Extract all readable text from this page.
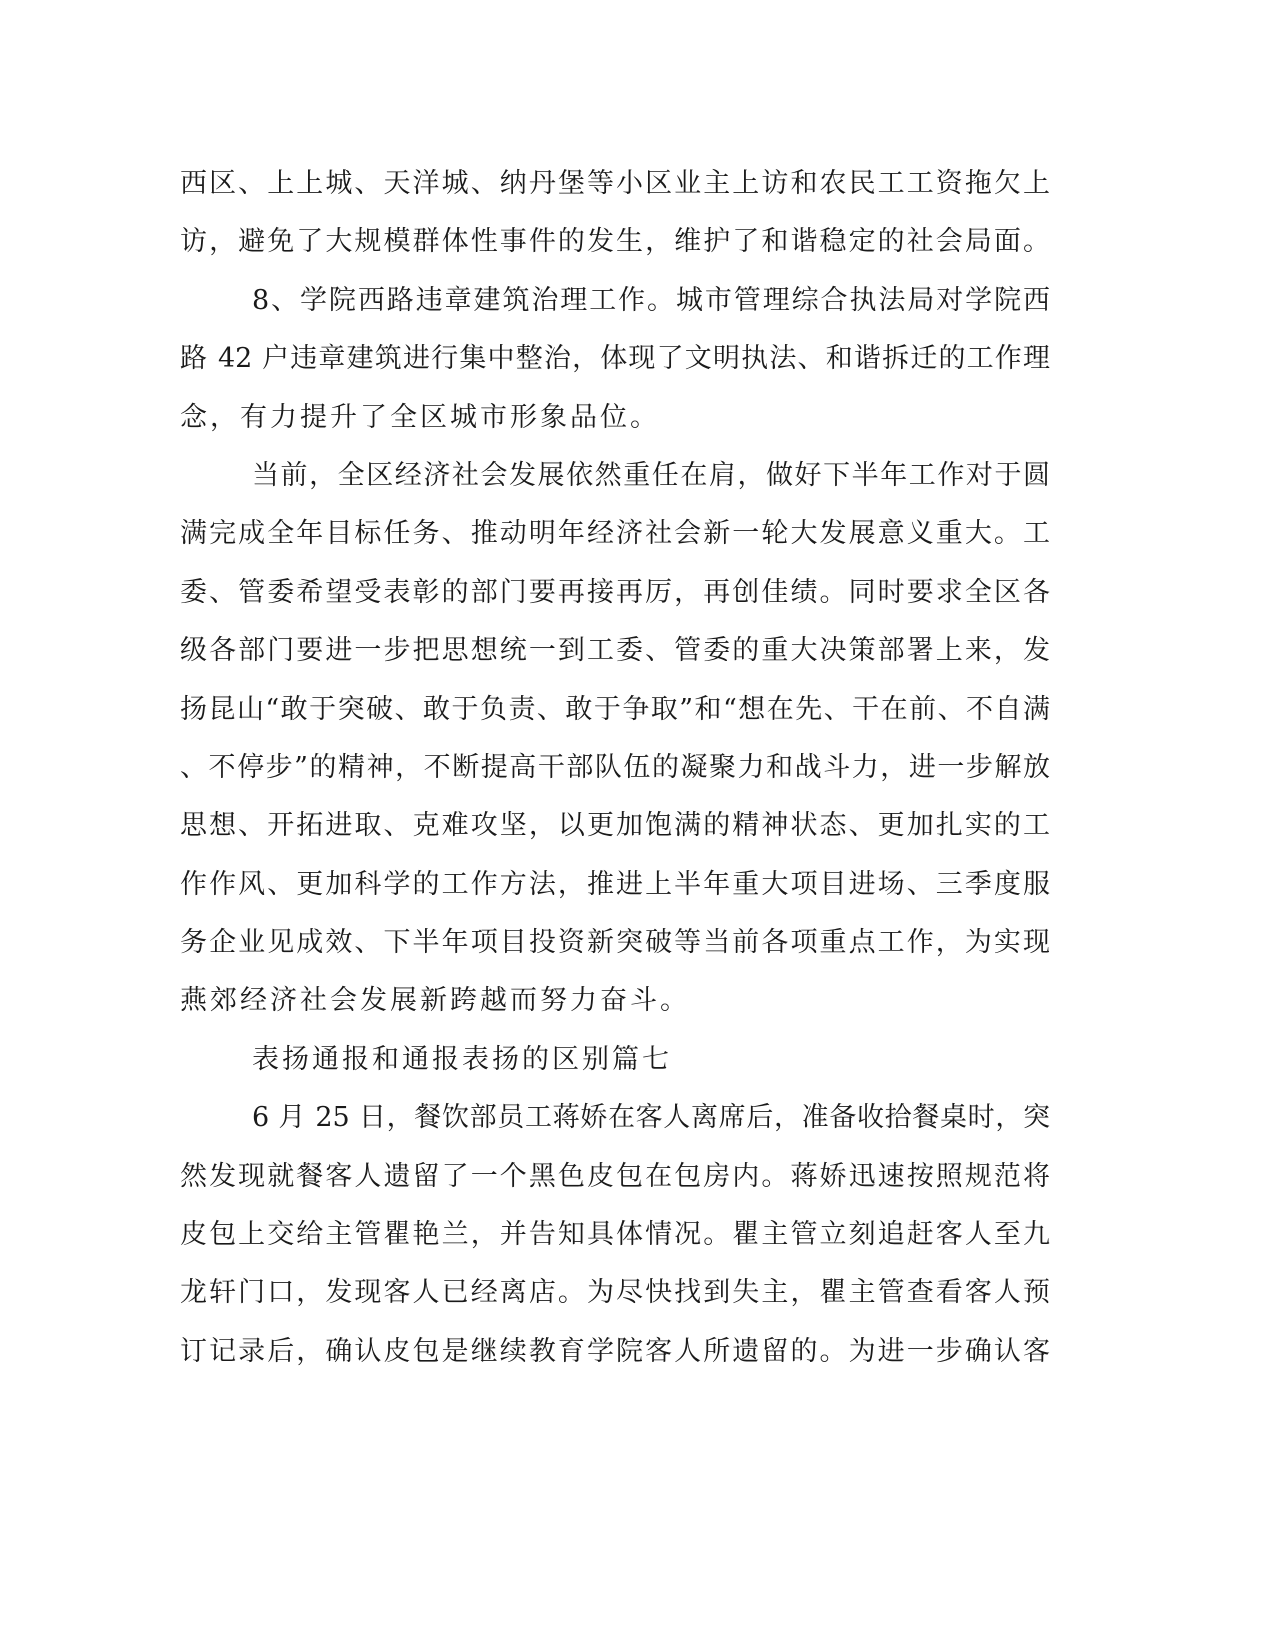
西区、上上城、天洋城、纳丹堡等小区业主上访和农民工工资拖欠上
访，避免了大规模群体性事件的发生，维护了和谐稳定的社会局面。
8、学院西路违章建筑治理工作。城市管理综合执法局对学院西
路 42 户违章建筑进行集中整治，体现了文明执法、和谐拆迁的工作理
念，有力提升了全区城市形象品位。
当前，全区经济社会发展依然重任在肩，做好下半年工作对于圆
满完成全年目标任务、推动明年经济社会新一轮大发展意义重大。工
委、管委希望受表彰的部门要再接再厉，再创佳绩。同时要求全区各
级各部门要进一步把思想统一到工委、管委的重大决策部署上来，发
扬昆山“敢于突破、敢于负责、敢于争取”和“想在先、干在前、不自满
、不停步”的精神，不断提高干部队伍的凝聚力和战斗力，进一步解放
思想、开拓进取、克难攻坚，以更加饱满的精神状态、更加扎实的工
作作风、更加科学的工作方法，推进上半年重大项目进场、三季度服
务企业见成效、下半年项目投资新突破等当前各项重点工作，为实现
燕郊经济社会发展新跨越而努力奋斗。
表扬通报和通报表扬的区别篇七
6 月 25 日，餐饮部员工蒋娇在客人离席后，准备收拾餐桌时，突
然发现就餐客人遗留了一个黑色皮包在包房内。蒋娇迅速按照规范将
皮包上交给主管瞿艳兰，并告知具体情况。瞿主管立刻追赶客人至九
龙轩门口，发现客人已经离店。为尽快找到失主，瞿主管查看客人预
订记录后，确认皮包是继续教育学院客人所遗留的。为进一步确认客
